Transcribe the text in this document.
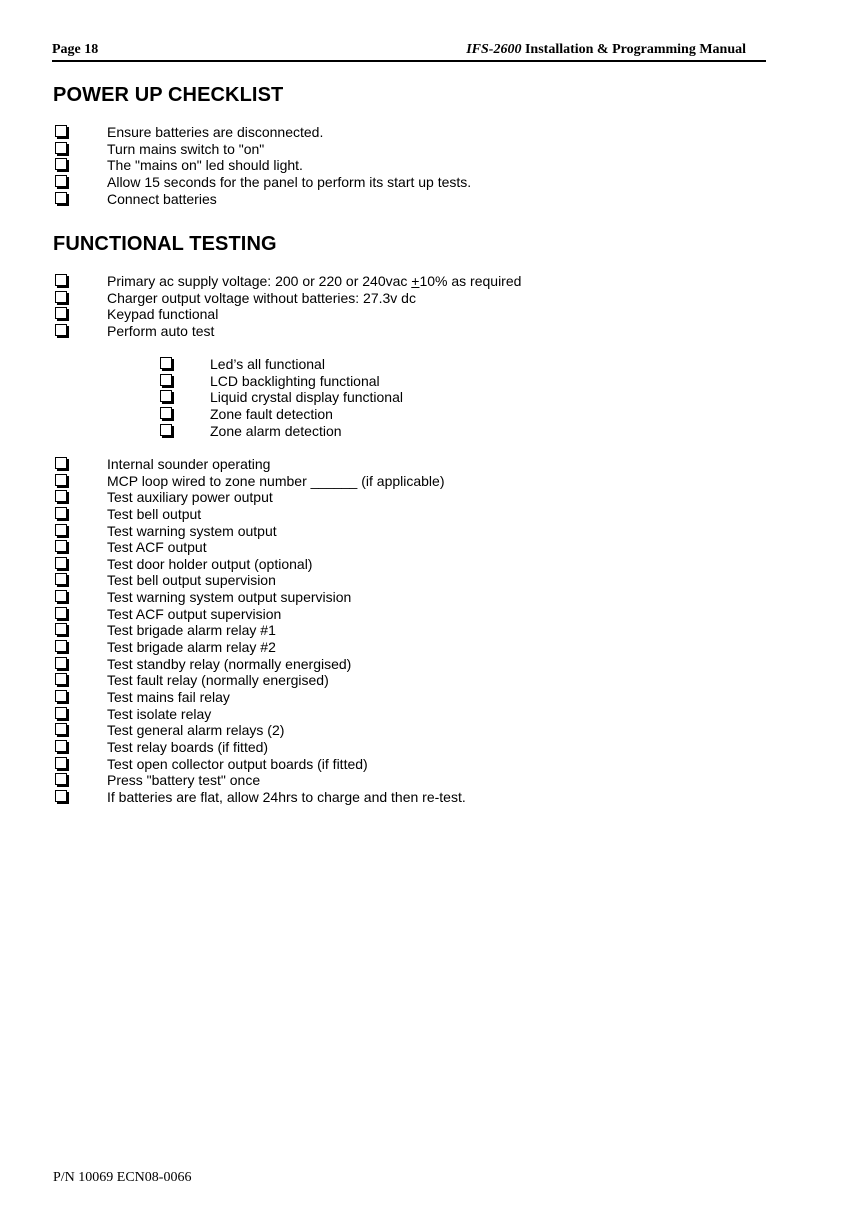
Page 18	IFS-2600 Installation & Programming Manual
POWER UP CHECKLIST
Ensure batteries are disconnected.
Turn mains switch to "on"
The "mains on" led should light.
Allow 15 seconds for the panel to perform its start up tests.
Connect batteries
FUNCTIONAL TESTING
Primary ac supply voltage: 200 or 220 or 240vac +10% as required
Charger output voltage without batteries: 27.3v dc
Keypad functional
Perform auto test
Led’s all functional
LCD backlighting functional
Liquid crystal display functional
Zone fault detection
Zone alarm detection
Internal sounder operating
MCP loop wired to zone number ______ (if applicable)
Test auxiliary power output
Test bell output
Test warning system output
Test ACF output
Test door holder output (optional)
Test bell output supervision
Test warning system output supervision
Test ACF output supervision
Test brigade alarm relay #1
Test brigade alarm relay #2
Test standby relay (normally energised)
Test fault relay (normally energised)
Test mains fail relay
Test isolate relay
Test general alarm relays (2)
Test relay boards (if fitted)
Test open collector output boards (if fitted)
Press "battery test" once
If batteries are flat, allow 24hrs to charge and then re-test.
P/N 10069 ECN08-0066
